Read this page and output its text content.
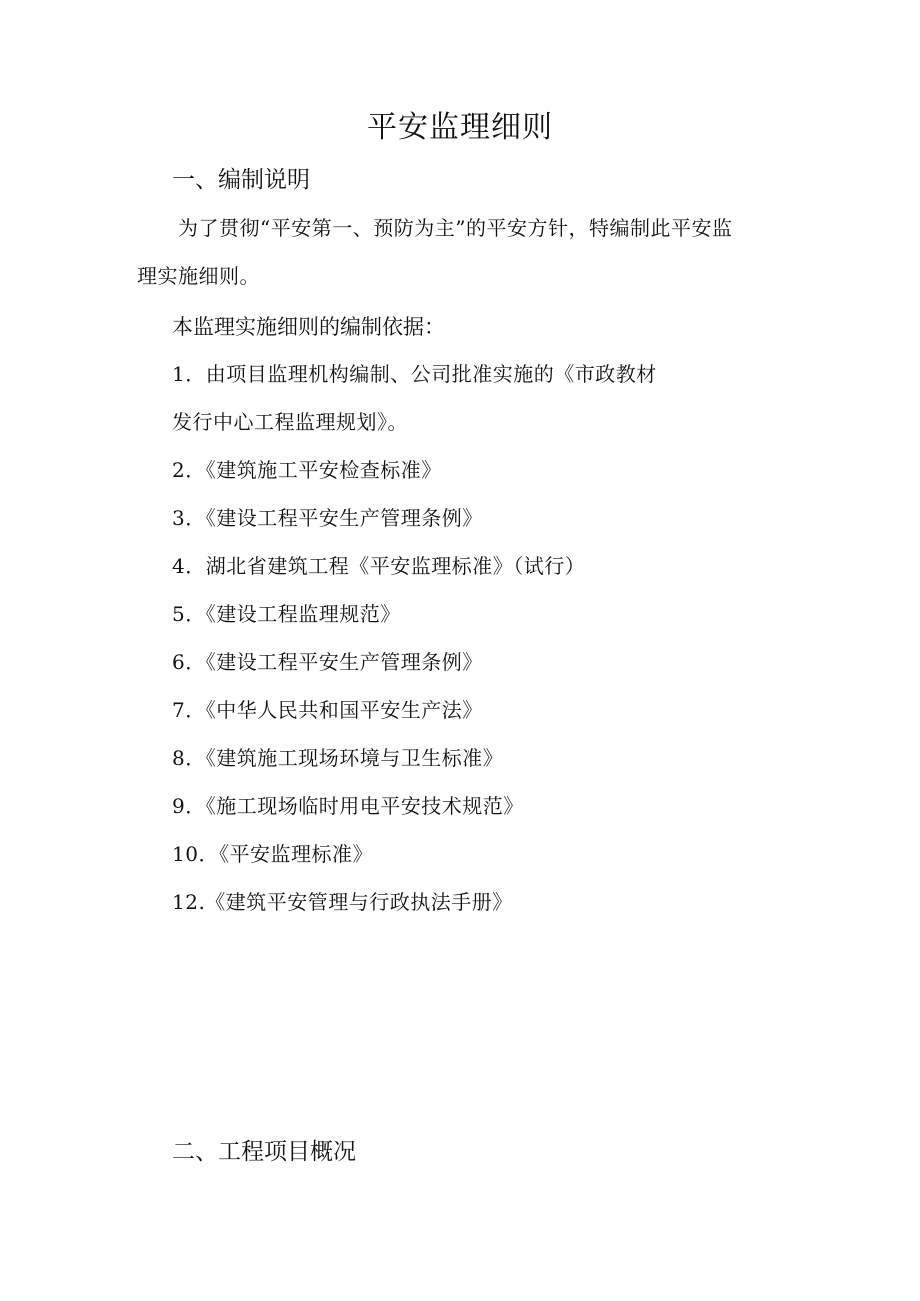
平安监理细则
一、编制说明
为了贯彻“平安第一、预防为主”的平安方针，特编制此平安监
理实施细则。
本监理实施细则的编制依据：
1．由项目监理机构编制、公司批准实施的《市政教材
发行中心工程监理规划》。
2．《建筑施工平安检查标准》
3．《建设工程平安生产管理条例》
4．湖北省建筑工程《平安监理标准》（试行）
5．《建设工程监理规范》
6．《建设工程平安生产管理条例》
7．《中华人民共和国平安生产法》
8．《建筑施工现场环境与卫生标准》
9．《施工现场临时用电平安技术规范》
10．《平安监理标准》
12.《建筑平安管理与行政执法手册》
二、工程项目概况
